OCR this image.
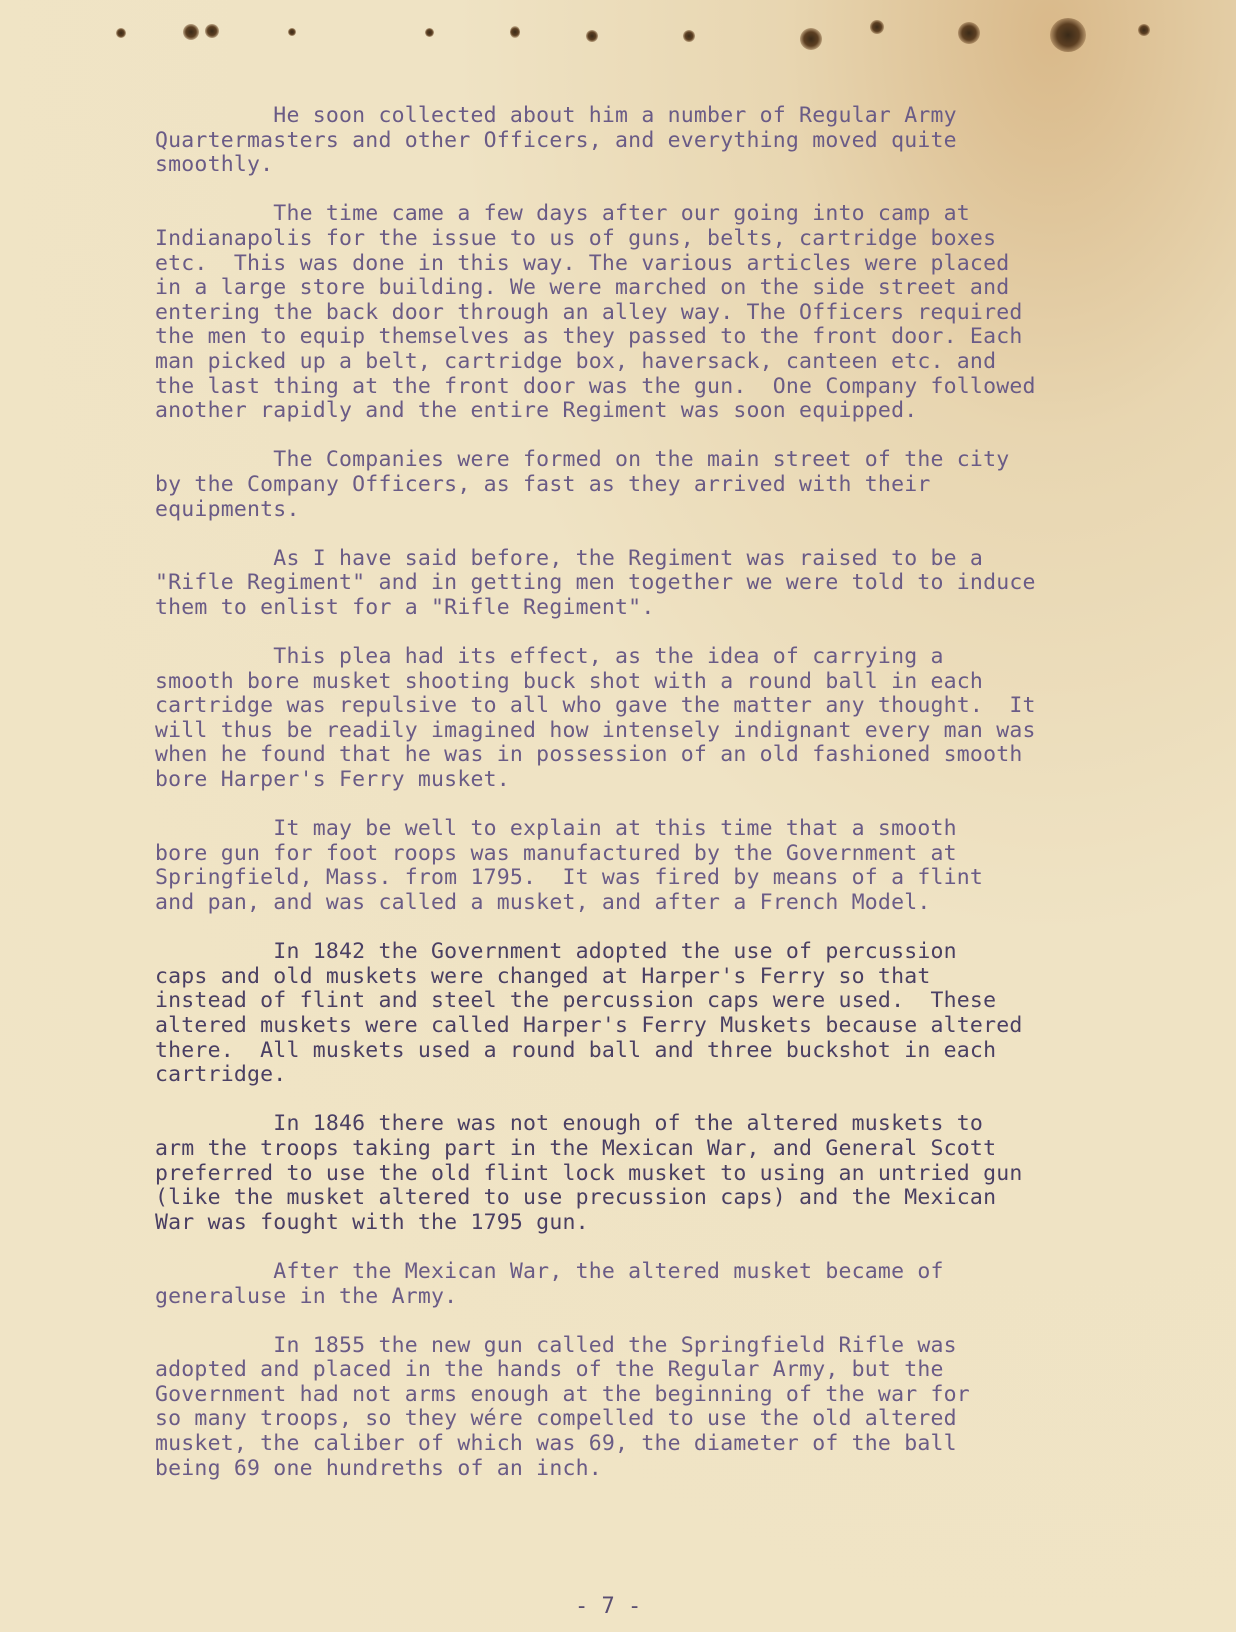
He soon collected about him a number of Regular Army
Quartermasters and other Officers, and everything moved quite
smoothly.
The time came a few days after our going into camp at
Indianapolis for the issue to us of guns, belts, cartridge boxes
etc.  This was done in this way. The various articles were placed
in a large store building. We were marched on the side street and
entering the back door through an alley way. The Officers required
the men to equip themselves as they passed to the front door. Each
man picked up a belt, cartridge box, haversack, canteen etc. and
the last thing at the front door was the gun.  One Company followed
another rapidly and the entire Regiment was soon equipped.
The Companies were formed on the main street of the city
by the Company Officers, as fast as they arrived with their
equipments.
As I have said before, the Regiment was raised to be a
"Rifle Regiment" and in getting men together we were told to induce
them to enlist for a "Rifle Regiment".
This plea had its effect, as the idea of carrying a
smooth bore musket shooting buck shot with a round ball in each
cartridge was repulsive to all who gave the matter any thought.  It
will thus be readily imagined how intensely indignant every man was
when he found that he was in possession of an old fashioned smooth
bore Harper's Ferry musket.
It may be well to explain at this time that a smooth
bore gun for foot roops was manufactured by the Government at
Springfield, Mass. from 1795.  It was fired by means of a flint
and pan, and was called a musket, and after a French Model.
In 1842 the Government adopted the use of percussion
caps and old muskets were changed at Harper's Ferry so that
instead of flint and steel the percussion caps were used.  These
altered muskets were called Harper's Ferry Muskets because altered
there.  All muskets used a round ball and three buckshot in each
cartridge.
In 1846 there was not enough of the altered muskets to
arm the troops taking part in the Mexican War, and General Scott
preferred to use the old flint lock musket to using an untried gun
(like the musket altered to use precussion caps) and the Mexican
War was fought with the 1795 gun.
After the Mexican War, the altered musket became of
generaluse in the Army.
In 1855 the new gun called the Springfield Rifle was
adopted and placed in the hands of the Regular Army, but the
Government had not arms enough at the beginning of the war for
so many troops, so they wére compelled to use the old altered
musket, the caliber of which was 69, the diameter of the ball
being 69 one hundreths of an inch.
- 7 -
